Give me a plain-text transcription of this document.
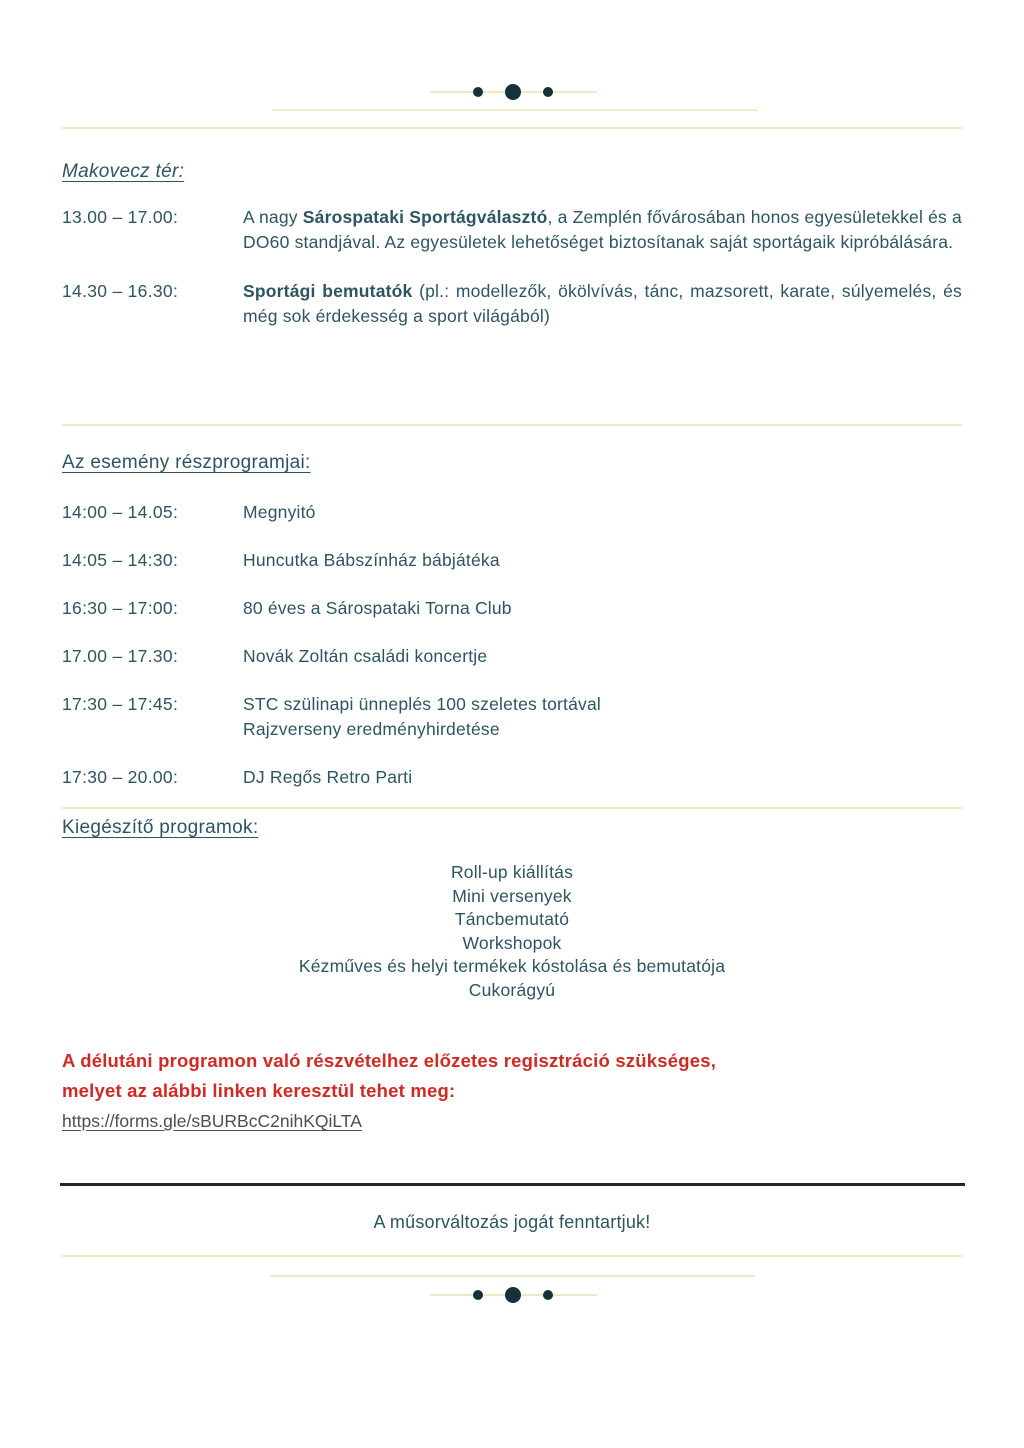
Makovecz tér:
13.00 – 17.00:	A nagy Sárospataki Sportágválasztó, a Zemplén fővárosában honos egyesületekkel és a DO60 standjával. Az egyesületek lehetőséget biztosítanak saját sportágaik kipróbálására.
14.30 – 16.30:	Sportági bemutatók (pl.: modellezők, ökölvívás, tánc, mazsorett, karate, súlyemelés, és még sok érdekesség a sport világából)
Az esemény részprogramjai:
14:00 – 14.05:	Megnyitó
14:05 – 14:30:	Huncutka Bábszínház bábjátéka
16:30 – 17:00:	80 éves a Sárospataki Torna Club
17.00 – 17.30:	Novák Zoltán családi koncertje
17:30 – 17:45:	STC szülinapi ünneplés 100 szeletes tortával
Rajzverseny eredményhirdetése
17:30 – 20.00:	DJ Regős Retro Parti
Kiegészítő programok:
Roll-up kiállítás
Mini versenyek
Táncbemutató
Workshopok
Kézműves és helyi termékek kóstolása és bemutatója
Cukorágyú
A délutáni programon való részvételhez előzetes regisztráció szükséges,
melyet az alábbi linken keresztül tehet meg:
https://forms.gle/sBURBcC2nihKQiLTA
A műsorváltozás jogát fenntartjuk!
